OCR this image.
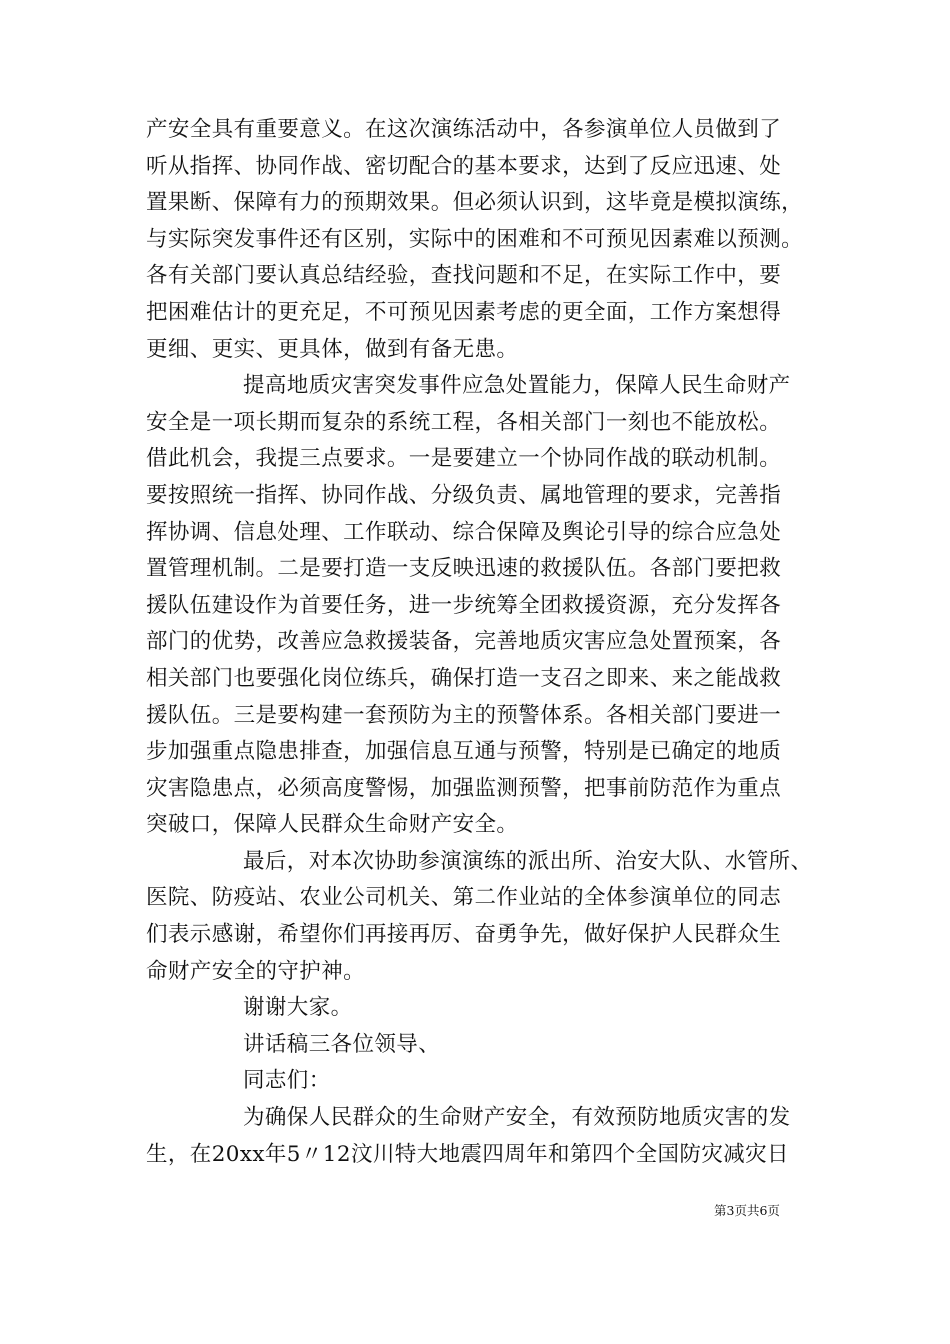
产安全具有重要意义。在这次演练活动中，各参演单位人员做到了
听从指挥、协同作战、密切配合的基本要求，达到了反应迅速、处
置果断、保障有力的预期效果。但必须认识到，这毕竟是模拟演练，
与实际突发事件还有区别，实际中的困难和不可预见因素难以预测。
各有关部门要认真总结经验，查找问题和不足，在实际工作中，要
把困难估计的更充足，不可预见因素考虑的更全面，工作方案想得
更细、更实、更具体，做到有备无患。
提高地质灾害突发事件应急处置能力，保障人民生命财产
安全是一项长期而复杂的系统工程，各相关部门一刻也不能放松。
借此机会，我提三点要求。一是要建立一个协同作战的联动机制。
要按照统一指挥、协同作战、分级负责、属地管理的要求，完善指
挥协调、信息处理、工作联动、综合保障及舆论引导的综合应急处
置管理机制。二是要打造一支反映迅速的救援队伍。各部门要把救
援队伍建设作为首要任务，进一步统筹全团救援资源，充分发挥各
部门的优势，改善应急救援装备，完善地质灾害应急处置预案，各
相关部门也要强化岗位练兵，确保打造一支召之即来、来之能战救
援队伍。三是要构建一套预防为主的预警体系。各相关部门要进一
步加强重点隐患排查，加强信息互通与预警，特别是已确定的地质
灾害隐患点，必须高度警惕，加强监测预警，把事前防范作为重点
突破口，保障人民群众生命财产安全。
最后，对本次协助参演演练的派出所、治安大队、水管所、
医院、防疫站、农业公司机关、第二作业站的全体参演单位的同志
们表示感谢，希望你们再接再厉、奋勇争先，做好保护人民群众生
命财产安全的守护神。
谢谢大家。
讲话稿三各位领导、
同志们：
为确保人民群众的生命财产安全，有效预防地质灾害的发
生，在20xx年5〃12汶川特大地震四周年和第四个全国防灾减灾日
第3页共6页
